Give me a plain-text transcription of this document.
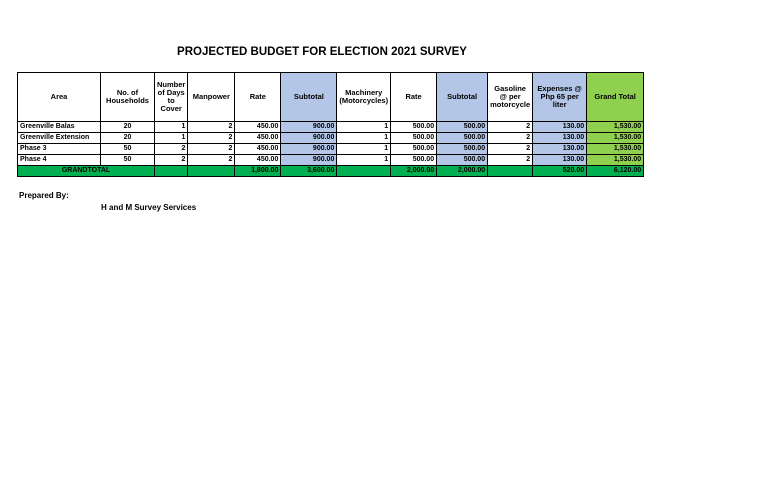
PROJECTED BUDGET FOR ELECTION 2021 SURVEY
Area	No. of Households	Number of Days to Cover	Manpower	Rate	Subtotal	Machinery (Motorcycles)	Rate	Subtotal	Gasoline @ per motorcycle	Expenses @ Php 65 per liter	Grand Total
Greenville Balas	20	1	2	450.00	900.00	1	500.00	500.00	2	130.00	1,530.00
Greenville Extension	20	1	2	450.00	900.00	1	500.00	500.00	2	130.00	1,530.00
Phase 3	50	2	2	450.00	900.00	1	500.00	500.00	2	130.00	1,530.00
Phase 4	50	2	2	450.00	900.00	1	500.00	500.00	2	130.00	1,530.00
GRANDTOTAL				1,800.00	3,600.00		2,000.00	2,000.00		520.00	6,120.00
Prepared By:
H and M Survey Services
